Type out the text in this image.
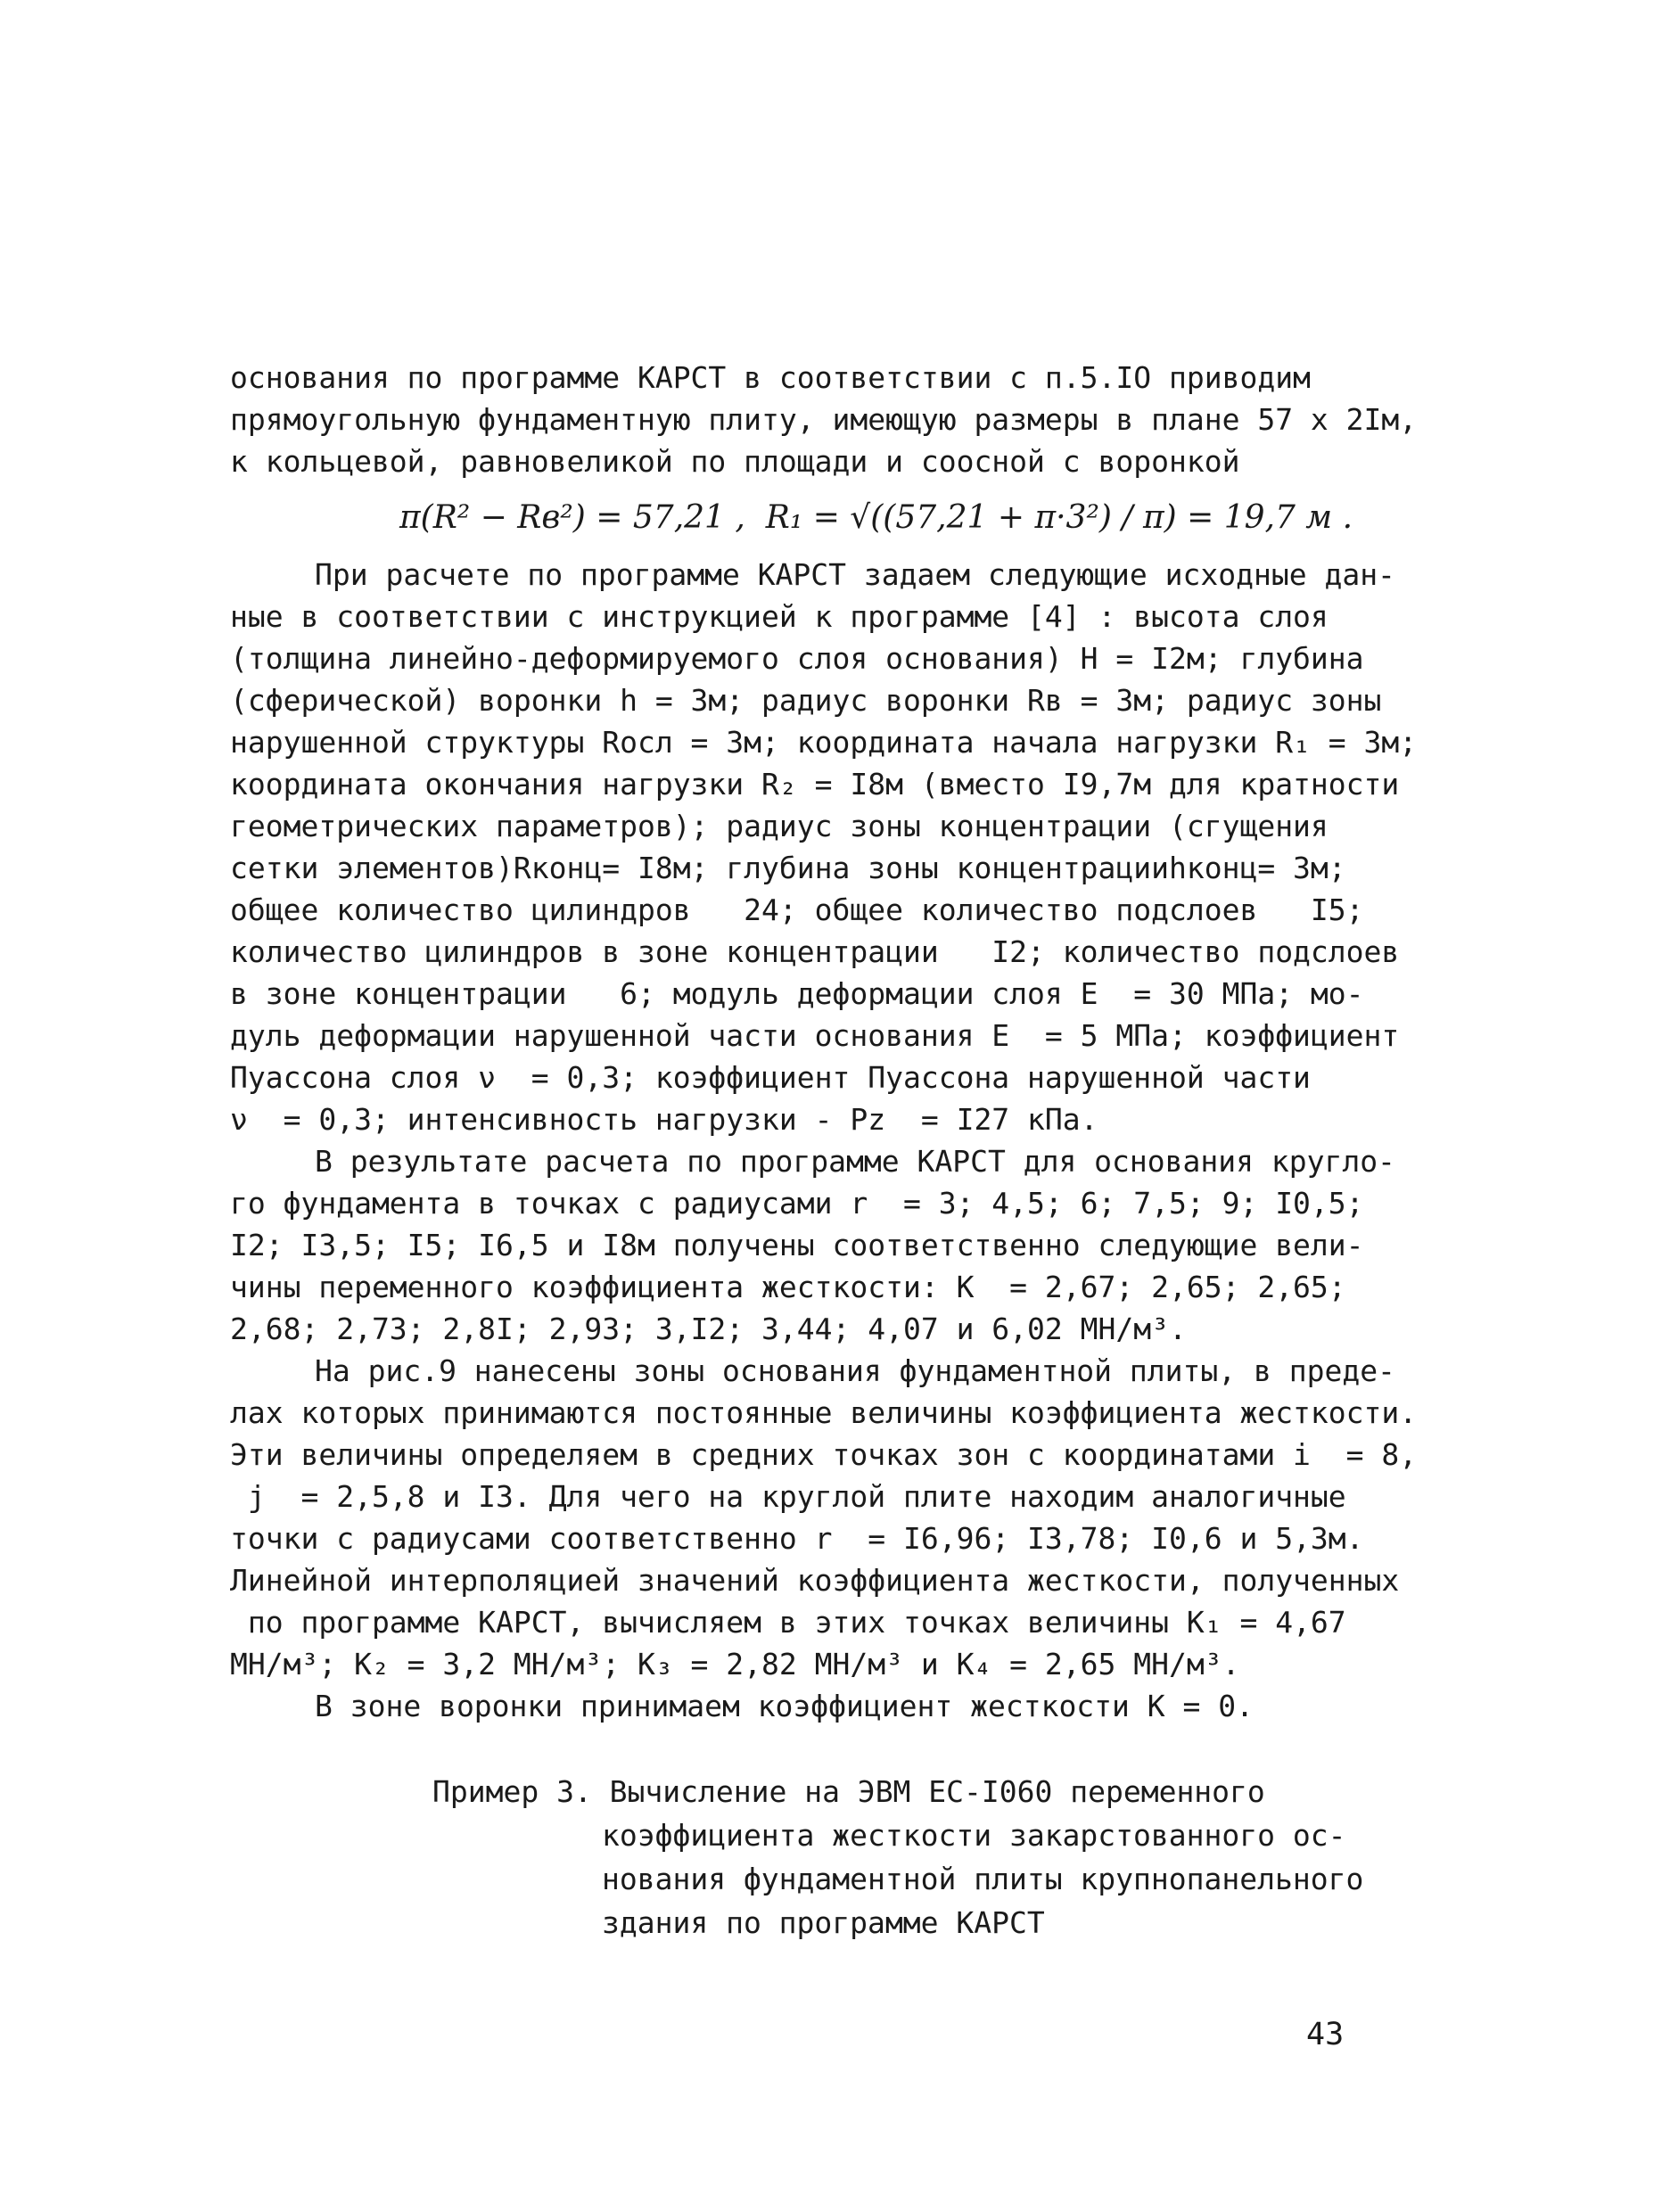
основания по программе КАРСТ в соответствии с п.5.IO приводим
прямоугольную фундаментную плиту, имеющую размеры в плане 57 х 2Iм,
к кольцевой, равновеликой по площади и соосной с воронкой
π(R² − Rв²) = 57,21 ,  R₁ = √((57,21 + π·3²) / π) = 19,7 м .
При расчете по программе КАРСТ задаем следующие исходные дан-
ные в соответствии с инструкцией к программе [4] : высота слоя
(толщина линейно-деформируемого слоя основания) H = I2м; глубина
(сферической) воронки h = 3м; радиус воронки Rв = 3м; радиус зоны
нарушенной структуры Rосл = 3м; координата начала нагрузки R₁ = 3м;
координата окончания нагрузки R₂ = I8м (вместо I9,7м для кратности
геометрических параметров); радиус зоны концентрации (сгущения
сетки элементов)Rконц= I8м; глубина зоны концентрацииhконц= 3м;
общее количество цилиндров   24; общее количество подслоев   I5;
количество цилиндров в зоне концентрации   I2; количество подслоев
в зоне концентрации   6; модуль деформации слоя E  = 30 МПа; мо-
дуль деформации нарушенной части основания E  = 5 МПа; коэффициент
Пуассона слоя ν  = 0,3; коэффициент Пуассона нарушенной части
ν  = 0,3; интенсивность нагрузки - Pz  = I27 кПа.
В результате расчета по программе КАРСТ для основания кругло-
го фундамента в точках с радиусами r  = 3; 4,5; 6; 7,5; 9; I0,5;
I2; I3,5; I5; I6,5 и I8м получены соответственно следующие вели-
чины переменного коэффициента жесткости: K  = 2,67; 2,65; 2,65;
2,68; 2,73; 2,8I; 2,93; 3,I2; 3,44; 4,07 и 6,02 МН/м³.
На рис.9 нанесены зоны основания фундаментной плиты, в преде-
лах которых принимаются постоянные величины коэффициента жесткости.
Эти величины определяем в средних точках зон с координатами i  = 8,
j  = 2,5,8 и I3. Для чего на круглой плите находим аналогичные
точки с радиусами соответственно r  = I6,96; I3,78; I0,6 и 5,3м.
Линейной интерполяцией значений коэффициента жесткости, полученных
по программе КАРСТ, вычисляем в этих точках величины K₁ = 4,67
МН/м³; K₂ = 3,2 МН/м³; K₃ = 2,82 МН/м³ и K₄ = 2,65 МН/м³.
В зоне воронки принимаем коэффициент жесткости K = 0.
Пример 3. Вычисление на ЭВМ ЕС-I060 переменного
коэффициента жесткости закарстованного ос-
нования фундаментной плиты крупнопанельного
здания по программе КАРСТ
43
